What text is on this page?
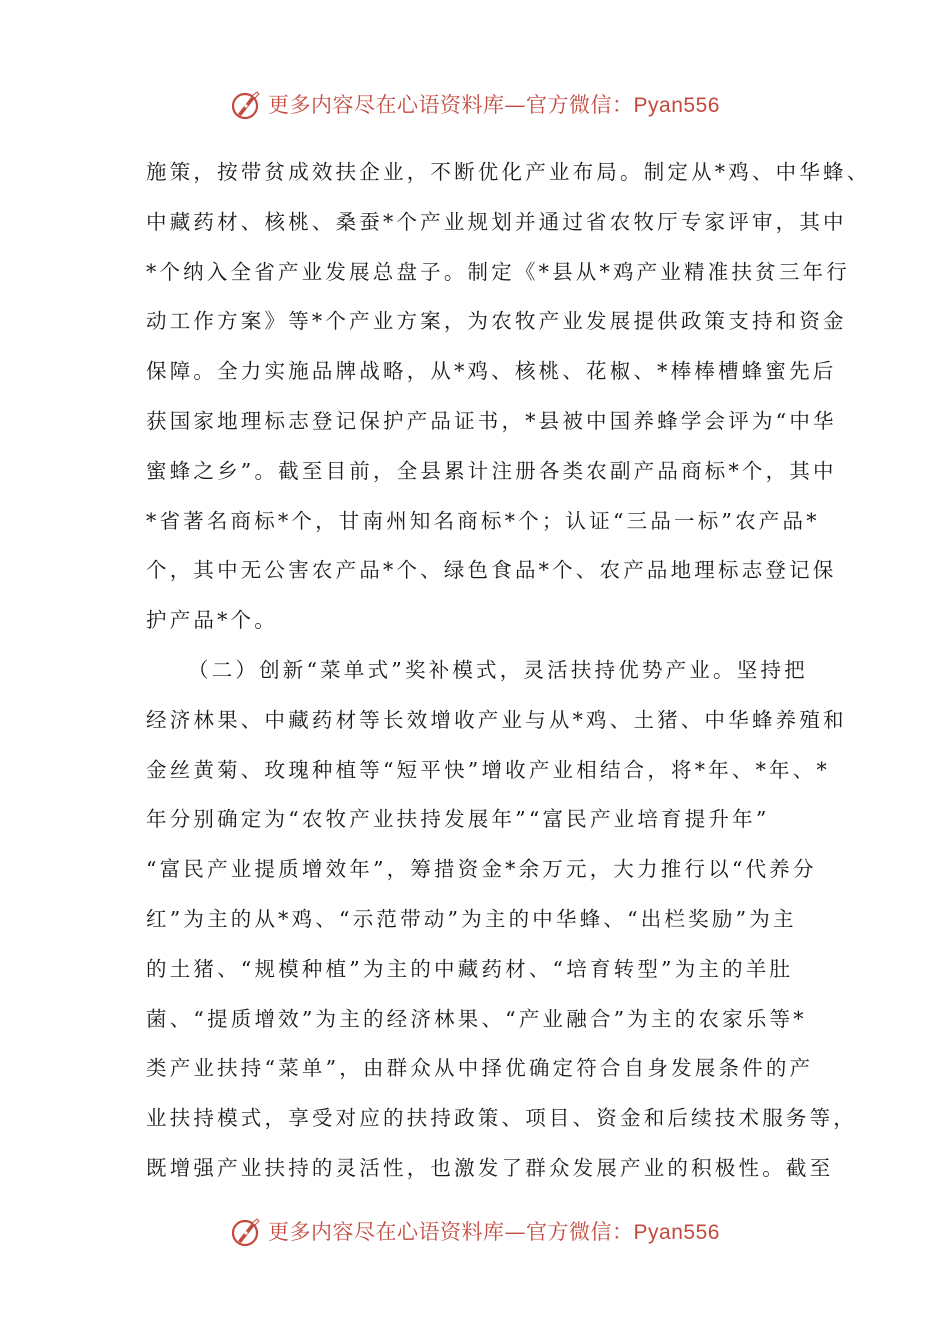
更多内容尽在心语资料库—官方微信：Pyan556

施策，按带贫成效扶企业，不断优化产业布局。制定从*鸡、中华蜂、
中藏药材、核桃、桑蚕*个产业规划并通过省农牧厅专家评审，其中
*个纳入全省产业发展总盘子。制定《*县从*鸡产业精准扶贫三年行
动工作方案》等*个产业方案，为农牧产业发展提供政策支持和资金
保障。全力实施品牌战略，从*鸡、核桃、花椒、*棒棒槽蜂蜜先后
获国家地理标志登记保护产品证书，*县被中国养蜂学会评为“中华
蜜蜂之乡”。截至目前，全县累计注册各类农副产品商标*个，其中
*省著名商标*个，甘南州知名商标*个；认证“三品一标”农产品*
个，其中无公害农产品*个、绿色食品*个、农产品地理标志登记保
护产品*个。

（二）创新“菜单式”奖补模式，灵活扶持优势产业。坚持把
经济林果、中藏药材等长效增收产业与从*鸡、土猪、中华蜂养殖和
金丝黄菊、玫瑰种植等“短平快”增收产业相结合，将*年、*年、*
年分别确定为“农牧产业扶持发展年”“富民产业培育提升年”
“富民产业提质增效年”，筹措资金*余万元，大力推行以“代养分
红”为主的从*鸡、“示范带动”为主的中华蜂、“出栏奖励”为主
的土猪、“规模种植”为主的中藏药材、“培育转型”为主的羊肚
菌、“提质增效”为主的经济林果、“产业融合”为主的农家乐等*
类产业扶持“菜单”，由群众从中择优确定符合自身发展条件的产
业扶持模式，享受对应的扶持政策、项目、资金和后续技术服务等，
既增强产业扶持的灵活性，也激发了群众发展产业的积极性。截至

更多内容尽在心语资料库—官方微信：Pyan556
